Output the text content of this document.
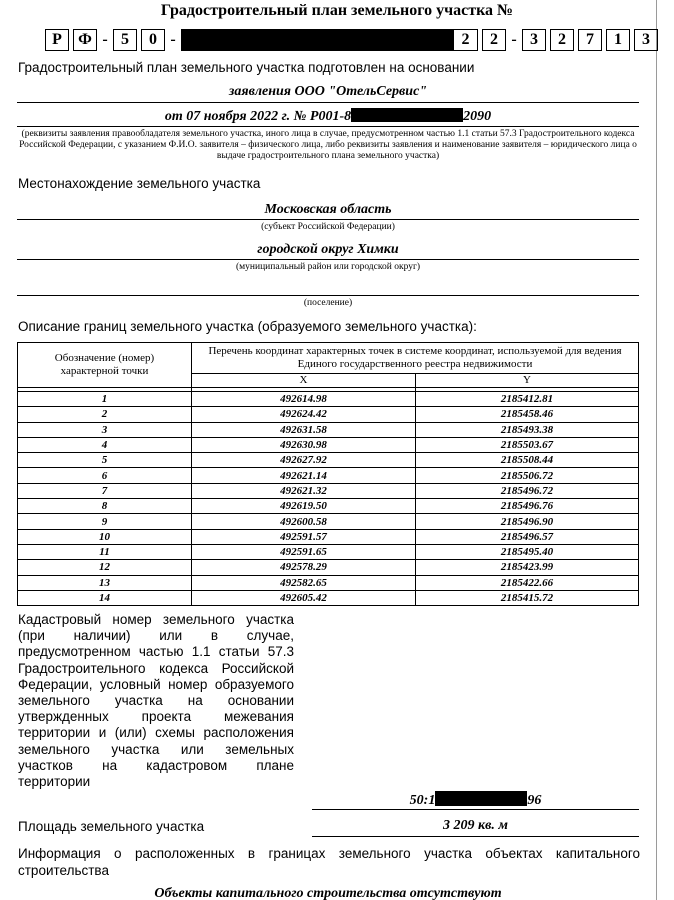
Градостроительный план земельного участка №
Р	Ф - 5	0 -	2	2 - 3	2	7	1	3
Градостроительный план земельного участка подготовлен на основании
заявления ООО "ОтельСервис"
от 07 ноября 2022 г. № Р001-8	2090
(реквизиты заявления правообладателя земельного участка, иного лица в случае, предусмотренном частью 1.1 статьи 57.3 Градостроительного кодекса Российской Федерации, с указанием Ф.И.О. заявителя – физического лица, либо реквизиты заявления и наименование заявителя – юридического лица о выдаче градостроительного плана земельного участка)
Местонахождение земельного участка
Московская область
(субъект Российской Федерации)
городской округ Химки
(муниципальный район или городской округ)
(поселение)
Описание границ земельного участка (образуемого земельного участка):
Обозначение (номер) характерной точки	Перечень координат характерных точек в системе координат, используемой для ведения Единого государственного реестра недвижимости	
	X	Y

1	492614.98	2185412.81
2	492624.42	2185458.46
3	492631.58	2185493.38
4	492630.98	2185503.67
5	492627.92	2185508.44
6	492621.14	2185506.72
7	492621.32	2185496.72
8	492619.50	2185496.76
9	492600.58	2185496.90
10	492591.57	2185496.57
11	492591.65	2185495.40
12	492578.29	2185423.99
13	492582.65	2185422.66
14	492605.42	2185415.72
Кадастровый номер земельного участка
(при наличии) или в случае,
предусмотренном частью 1.1 статьи 57.3
Градостроительного кодекса Российской
Федерации, условный номер образуемого
земельного участка на основании
утвержденных проекта межевания
территории и (или) схемы расположения
земельного участка или земельных
участков на кадастровом плане
территории
50:1	96
Площадь земельного участка	3 209 кв. м
Информация о расположенных в границах земельного участка объектах капитального строительства
Объекты капитального строительства отсутствуют
